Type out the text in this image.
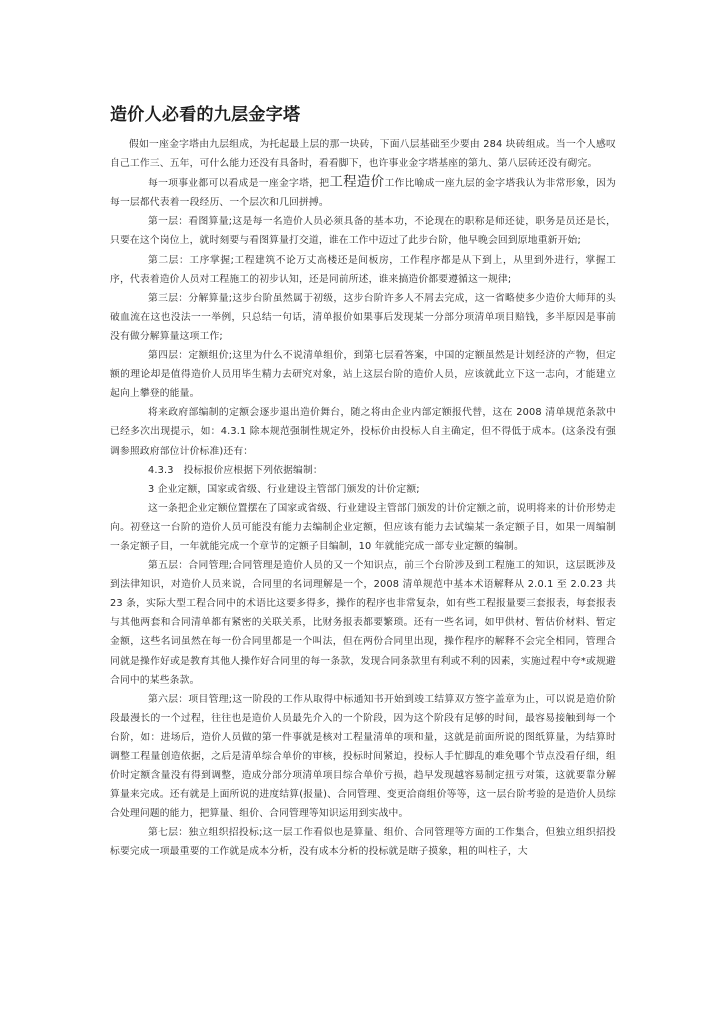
造价人必看的九层金字塔

假如一座金字塔由九层组成，为托起最上层的那一块砖，下面八层基础至少要由 284 块砖组成。当一个人感叹自己工作三、五年，可什么能力还没有具备时，看看脚下，也许事业金字塔基座的第九、第八层砖还没有砌完。

每一项事业都可以看成是一座金字塔，把工程造价工作比喻成一座九层的金字塔我认为非常形象，因为每一层都代表着一段经历、一个层次和几回拼搏。

第一层：看图算量;这是每一名造价人员必须具备的基本功，不论现在的职称是师还徒，职务是员还是长，只要在这个岗位上，就时刻要与看图算量打交道，谁在工作中迈过了此步台阶，他早晚会回到原地重新开始;

第二层：工序掌握;工程建筑不论万丈高楼还是间板房，工作程序都是从下到上，从里到外进行，掌握工序，代表着造价人员对工程施工的初步认知，还是同前所述，谁来搞造价都要遵循这一规律;

第三层：分解算量;这步台阶虽然属于初级，这步台阶许多人不屑去完成，这一省略使多少造价大师拜的头破血流在这也没法一一举例，只总结一句话，清单报价如果事后发现某一分部分项清单项目赔钱，多半原因是事前没有做分解算量这项工作;

第四层：定额组价;这里为什么不说清单组价，到第七层看答案，中国的定额虽然是计划经济的产物，但定额的理论却是值得造价人员用毕生精力去研究对象，站上这层台阶的造价人员，应该就此立下这一志向，才能建立起向上攀登的能量。

将来政府部编制的定额会逐步退出造价舞台，随之将由企业内部定额报代替，这在 2008 清单规范条款中已经多次出现提示，如：4.3.1 除本规范强制性规定外，投标价由投标人自主确定，但不得低于成本。(这条没有强调参照政府部位计价标准)还有：

4.3.3　投标报价应根据下列依据编制：

3 企业定额，国家或省级、行业建设主管部门颁发的计价定额;

这一条把企业定额位置摆在了国家或省级、行业建设主管部门颁发的计价定额之前，说明将来的计价形势走向。初登这一台阶的造价人员可能没有能力去编制企业定额，但应该有能力去试编某一条定额子目，如果一周编制一条定额子目，一年就能完成一个章节的定额子目编制，10 年就能完成一部专业定额的编制。

第五层：合同管理;合同管理是造价人员的又一个知识点，前三个台阶涉及到工程施工的知识，这层既涉及到法律知识，对造价人员来说，合同里的名词理解是一个，2008 清单规范中基本术语解释从 2.0.1 至 2.0.23 共 23 条，实际大型工程合同中的术语比这要多得多，操作的程序也非常复杂，如有些工程报量要三套报表，每套报表与其他两套和合同清单都有紧密的关联关系，比财务报表都要繁琐。还有一些名词，如甲供材、暂估价材料、暂定金额，这些名词虽然在每一份合同里都是一个叫法，但在两份合同里出现，操作程序的解释不会完全相同，管理合同就是操作好或是教育其他人操作好合同里的每一条款，发现合同条款里有利或不利的因素，实施过程中夸*或规避合同中的某些条款。

第六层：项目管理;这一阶段的工作从取得中标通知书开始到竣工结算双方签字盖章为止，可以说是造价阶段最漫长的一个过程，往往也是造价人员最先介入的一个阶段，因为这个阶段有足够的时间，最容易接触到每一个台阶，如：进场后，造价人员做的第一件事就是核对工程量清单的项和量，这就是前面所说的图纸算量，为结算时调整工程量创造依据，之后是清单综合单价的审核，投标时间紧迫，投标人手忙脚乱的难免哪个节点没看仔细，组价时定额含量没有得到调整，造成分部分项清单项目综合单价亏损，趋早发现越容易制定扭亏对策，这就要靠分解算量来完成。还有就是上面所说的进度结算(报量)、合同管理、变更洽商组价等等，这一层台阶考验的是造价人员综合处理问题的能力，把算量、组价、合同管理等知识运用到实战中。

第七层：独立组织招投标;这一层工作看似也是算量、组价、合同管理等方面的工作集合，但独立组织招投标要完成一项最重要的工作就是成本分析，没有成本分析的投标就是瞎子摸象，粗的叫柱子，大
